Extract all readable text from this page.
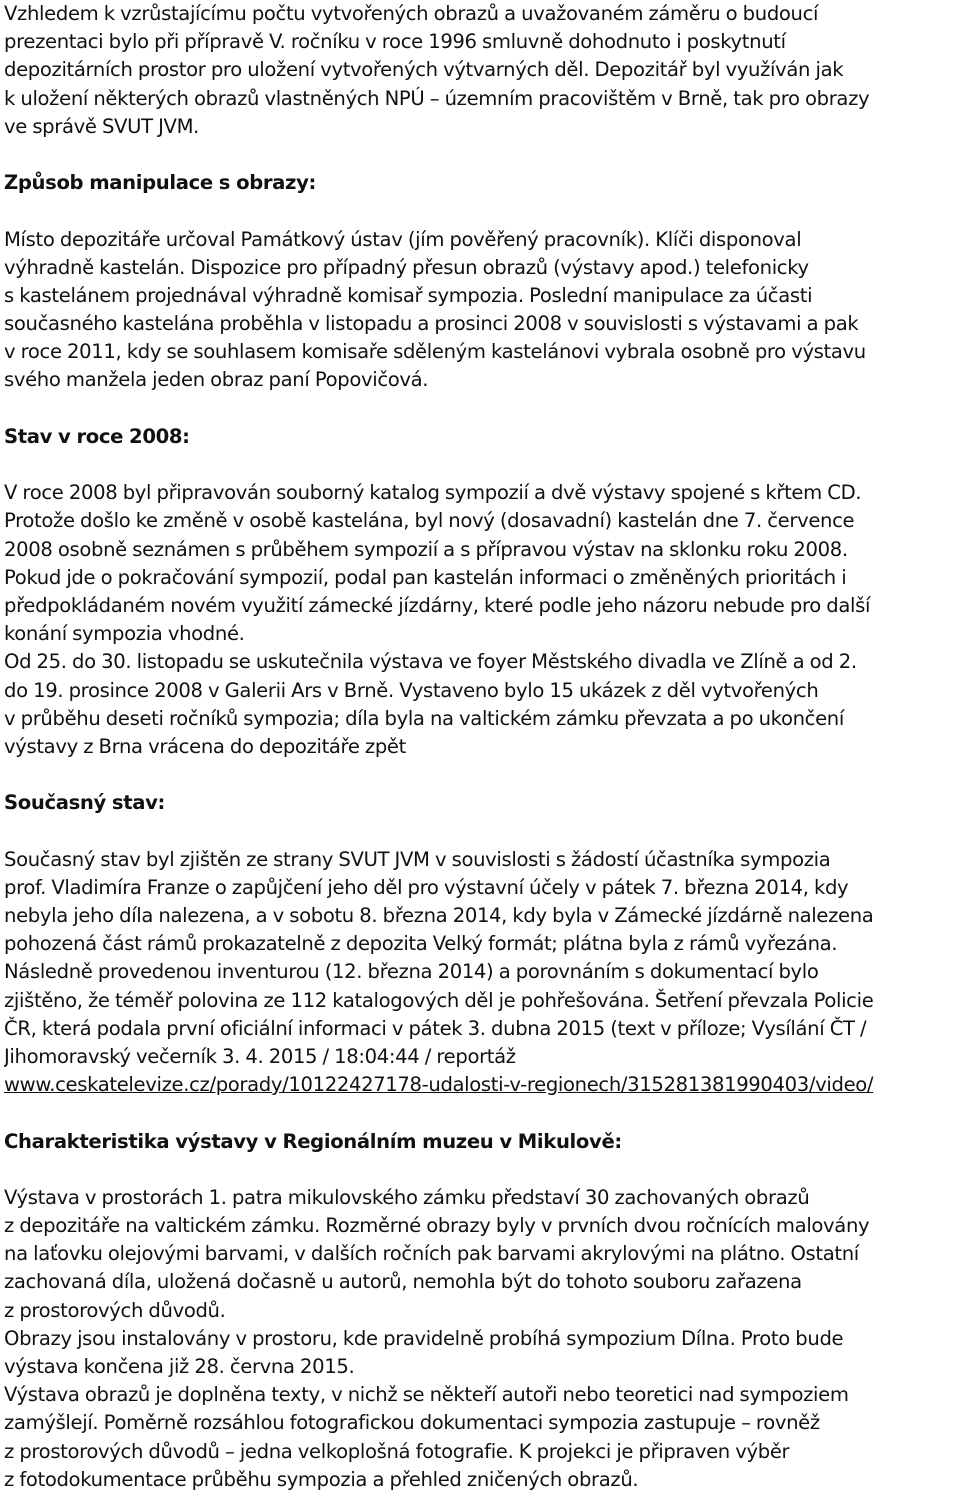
Vzhledem k vzrůstajícímu počtu vytvořených obrazů a uvažovaném záměru o budoucí
prezentaci bylo při přípravě V. ročníku v roce 1996 smluvně dohodnuto i poskytnutí
depozitárních prostor pro uložení vytvořených výtvarných děl. Depozitář byl využíván jak
k uložení některých obrazů vlastněných NPÚ – územním pracovištěm v Brně, tak pro obrazy
ve správě SVUT JVM.
Způsob manipulace s obrazy:
Místo depozitáře určoval Památkový ústav (jím pověřený pracovník). Klíči disponoval
výhradně kastelán. Dispozice pro případný přesun obrazů (výstavy apod.) telefonicky
s kastelánem projednával výhradně komisař sympozia. Poslední manipulace za účasti
současného kastelána proběhla v listopadu a prosinci 2008 v souvislosti s výstavami a pak
v roce 2011, kdy se souhlasem komisaře sděleným kastelánovi vybrala osobně pro výstavu
svého manžela jeden obraz paní Popovičová.
Stav v roce 2008:
V roce 2008 byl připravován souborný katalog sympozií a dvě výstavy spojené s křtem CD.
Protože došlo ke změně v osobě kastelána, byl nový (dosavadní) kastelán dne 7. července
2008 osobně seznámen s průběhem sympozií a s přípravou výstav na sklonku roku 2008.
Pokud jde o pokračování sympozií, podal pan kastelán informaci o změněných prioritách i
předpokládaném novém využití zámecké jízdárny, které podle jeho názoru nebude pro další
konání sympozia vhodné.
Od 25. do 30. listopadu se uskutečnila výstava ve foyer Městského divadla ve Zlíně a od 2.
do 19. prosince 2008 v Galerii Ars v Brně. Vystaveno bylo 15 ukázek z děl vytvořených
v průběhu deseti ročníků sympozia; díla byla na valtickém zámku převzata a po ukončení
výstavy z Brna vrácena do depozitáře zpět
Současný stav:
Současný stav byl zjištěn ze strany SVUT JVM v souvislosti s žádostí účastníka sympozia
prof. Vladimíra Franze o zapůjčení jeho děl pro výstavní účely v pátek 7. března 2014, kdy
nebyla jeho díla nalezena, a v sobotu 8. března 2014, kdy byla v Zámecké jízdárně nalezena
pohozená část rámů prokazatelně z depozita Velký formát; plátna byla z rámů vyřezána.
Následně provedenou inventurou (12. března 2014) a porovnáním s dokumentací bylo
zjištěno, že téměř polovina ze 112 katalogových děl je pohřešována. Šetření převzala Policie
ČR, která podala první oficiální informaci v pátek 3. dubna 2015 (text v příloze; Vysílání ČT /
Jihomoravský večerník 3. 4. 2015 / 18:04:44 / reportáž
www.ceskatelevize.cz/porady/10122427178-udalosti-v-regionech/315281381990403/video/
Charakteristika výstavy v Regionálním muzeu v Mikulově:
Výstava v prostorách 1. patra mikulovského zámku představí 30 zachovaných obrazů
z depozitáře na valtickém zámku. Rozměrné obrazy byly v prvních dvou ročnících malovány
na laťovku olejovými barvami, v dalších ročních pak barvami akrylovými na plátno. Ostatní
zachovaná díla, uložená dočasně u autorů, nemohla být do tohoto souboru zařazena
z prostorových důvodů.
Obrazy jsou instalovány v prostoru, kde pravidelně probíhá sympozium Dílna. Proto bude
výstava končena již 28. června 2015.
Výstava obrazů je doplněna texty, v nichž se někteří autoři nebo teoretici nad sympoziem
zamýšlejí. Poměrně rozsáhlou fotografickou dokumentaci sympozia zastupuje – rovněž
z prostorových důvodů – jedna velkoplošná fotografie. K projekci je připraven výběr
z fotodokumentace průběhu sympozia a přehled zničených obrazů.
